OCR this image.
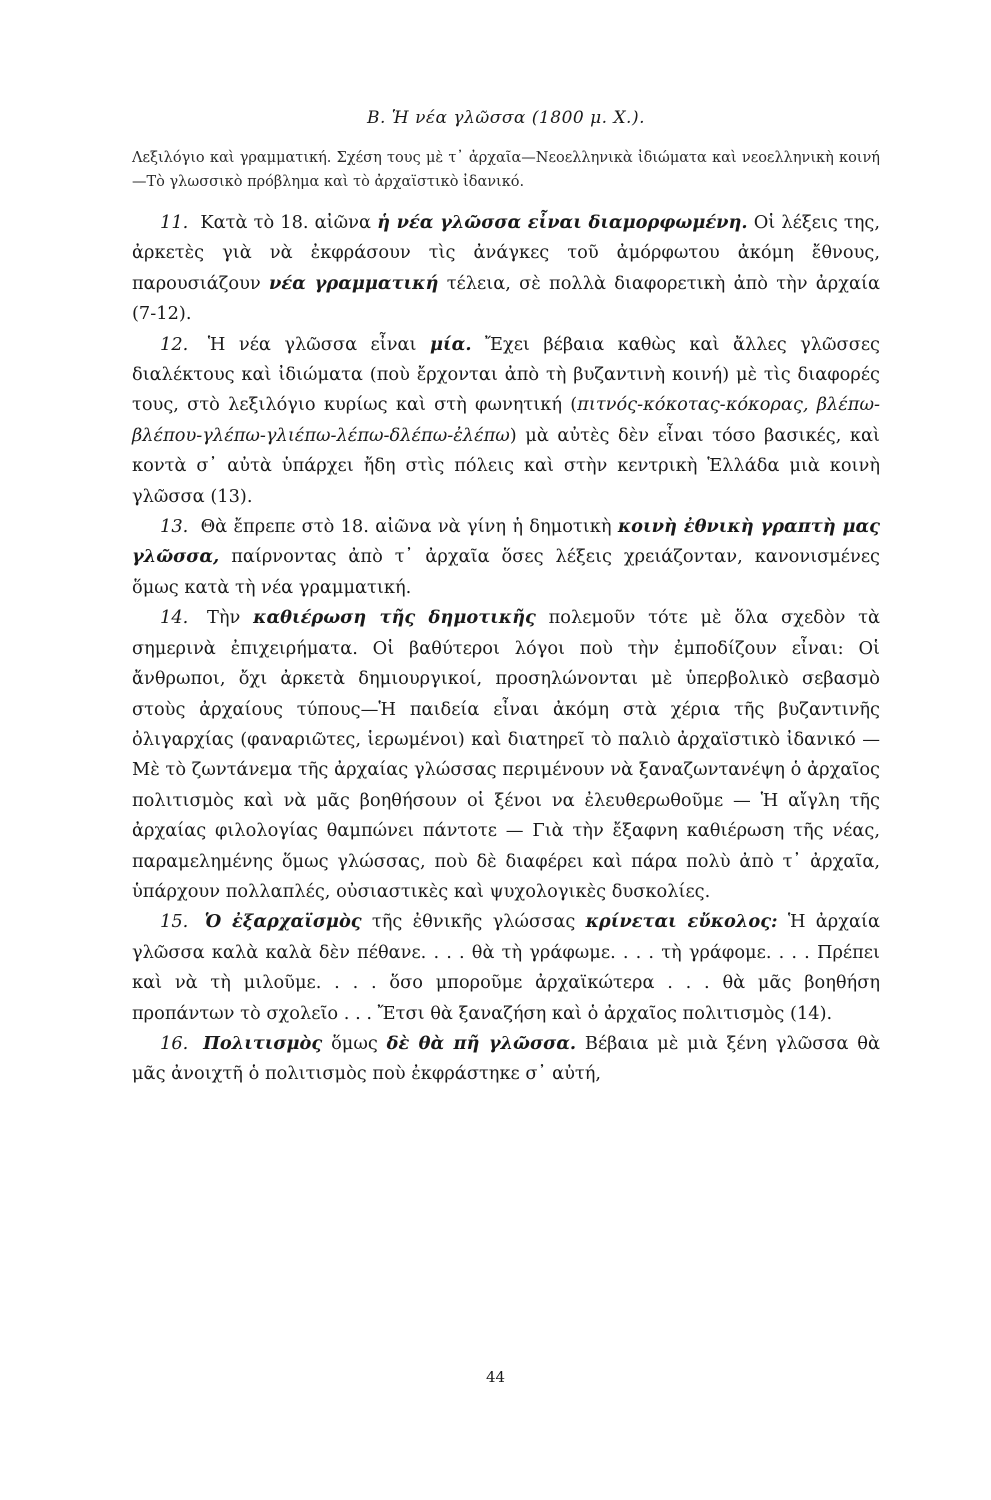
Β. Ἡ νέα γλῶσσα (1800 μ. Χ.).

Λεξιλόγιο καὶ γραμματική. Σχέση τους μὲ τ᾽ ἀρχαῖα—Νεοελληνικὰ ἰδιώματα καὶ νεοελληνικὴ κοινή—Τὸ γλωσσικὸ πρόβλημα καὶ τὸ ἀρχαϊστικὸ ἰδανικό.

11. Κατὰ τὸ 18. αἰῶνα ἡ νέα γλῶσσα εἶναι διαμορφωμένη. Οἱ λέξεις της, ἀρκετὲς γιὰ νὰ ἐκφράσουν τὶς ἀνάγκες τοῦ ἀμόρφωτου ἀκόμη ἔθνους, παρουσιάζουν νέα γραμματική τέλεια, σὲ πολλὰ διαφορετικὴ ἀπὸ τὴν ἀρχαία (7-12).

12. Ἡ νέα γλῶσσα εἶναι μία. Ἔχει βέβαια καθὼς καὶ ἄλλες γλῶσσες διαλέκτους καὶ ἰδιώματα (ποὺ ἔρχονται ἀπὸ τὴ βυζαντινὴ κοινή) μὲ τὶς διαφορές τους, στὸ λεξιλόγιο κυρίως καὶ στὴ φωνητική (πιτνός-κόκοτας-κόκορας, βλέπω-βλέπου-γλέπω-γλιέπω-λέπω-δλέπω-ἐλέπω) μὰ αὐτὲς δὲν εἶναι τόσο βασικές, καὶ κοντὰ σ᾽ αὐτὰ ὑπάρχει ἤδη στὶς πόλεις καὶ στὴν κεντρικὴ Ἑλλάδα μιὰ κοινὴ γλῶσσα (13).

13. Θὰ ἔπρεπε στὸ 18. αἰῶνα νὰ γίνη ἡ δημοτικὴ κοινὴ ἐθνικὴ γραπτὴ μας γλῶσσα, παίρνοντας ἀπὸ τ᾽ ἀρχαῖα ὅσες λέξεις χρειάζονταν, κανονισμένες ὅμως κατὰ τὴ νέα γραμματική.

14. Τὴν καθιέρωση τῆς δημοτικῆς πολεμοῦν τότε μὲ ὅλα σχεδὸν τὰ σημερινὰ ἐπιχειρήματα. Οἱ βαθύτεροι λόγοι ποὺ τὴν ἐμποδίζουν εἶναι: Οἱ ἄνθρωποι, ὄχι ἀρκετὰ δημιουργικοί, προσηλώνονται μὲ ὑπερβολικὸ σεβασμὸ στοὺς ἀρχαίους τύπους—Ἡ παιδεία εἶναι ἀκόμη στὰ χέρια τῆς βυζαντινῆς ὀλιγαρχίας (φαναριῶτες, ἱερωμένοι) καὶ διατηρεῖ τὸ παλιὸ ἀρχαϊστικὸ ἰδανικό — Μὲ τὸ ζωντάνεμα τῆς ἀρχαίας γλώσσας περιμένουν νὰ ξαναζωντανέψη ὁ ἀρχαῖος πολιτισμὸς καὶ νὰ μᾶς βοηθήσουν οἱ ξένοι να ἐλευθερωθοῦμε — Ἡ αἴγλη τῆς ἀρχαίας φιλολογίας θαμπώνει πάντοτε — Γιὰ τὴν ἔξαφνη καθιέρωση τῆς νέας, παραμελημένης ὅμως γλώσσας, ποὺ δὲ διαφέρει καὶ πάρα πολὺ ἀπὸ τ᾽ ἀρχαῖα, ὑπάρχουν πολλαπλές, οὐσιαστικὲς καὶ ψυχολογικὲς δυσκολίες.

15. Ὁ ἐξαρχαϊσμὸς τῆς ἐθνικῆς γλώσσας κρίνεται εὔκολος: Ἡ ἀρχαία γλῶσσα καλὰ καλὰ δὲν πέθανε. . . . θὰ τὴ γράφωμε. . . . τὴ γράφομε. . . . Πρέπει καὶ νὰ τὴ μιλοῦμε. . . . ὅσο μποροῦμε ἀρχαϊκώτερα . . . θὰ μᾶς βοηθήση προπάντων τὸ σχολεῖο . . . Ἔτσι θὰ ξαναζήση καὶ ὁ ἀρχαῖος πολιτισμὸς (14).

16. Πολιτισμὸς ὅμως δὲ θὰ πῆ γλῶσσα. Βέβαια μὲ μιὰ ξένη γλῶσσα θὰ μᾶς ἀνοιχτῆ ὁ πολιτισμὸς ποὺ ἐκφράστηκε σ᾽ αὐτή,

44
